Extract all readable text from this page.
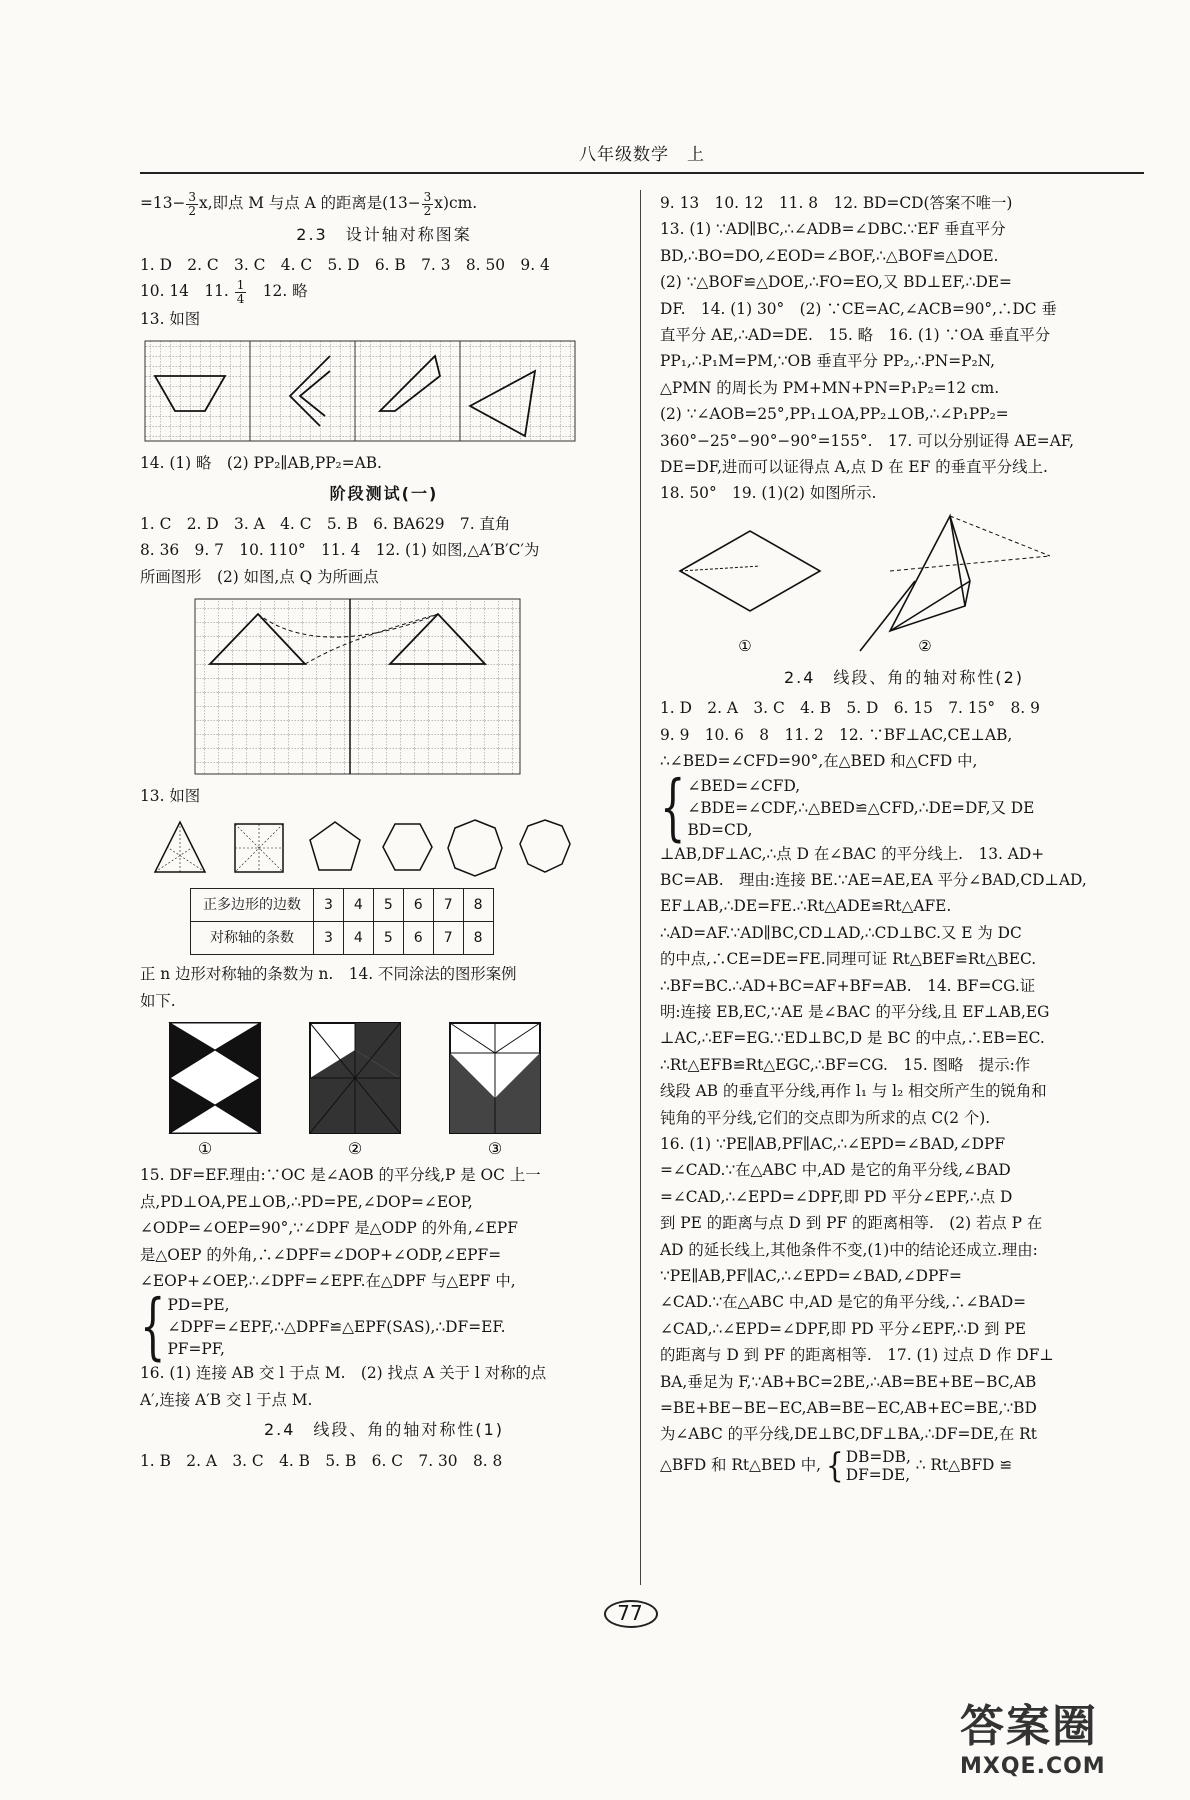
八年级数学　上
$=13- \frac{3}{2} x$,即点 M 与点 A 的距离是$(13- \frac{3}{2} x)cm$.
2.3　设计轴对称图案
1. D　2. C　3. C　4. C　5. D　6. B　7. 3　8. 50　9. 4
10. 14　11. $\frac{1}{4}$ 　12. 略
13. 如图
14. (1) 略　(2) PP₂∥AB,PP₂=AB.
阶段测试(一)
1. C　2. D　3. A　4. C　5. B　6. BA629　7. 直角
8. 36　9. 7　10. 110°　11. 4　12. (1) 如图,△A′B′C′为
所画图形　(2) 如图,点 Q 为所画点
13. 如图
正多边形的边数	3	4	5	6	7	8
对称轴的条数	3	4	5	6	7	8
正 n 边形对称轴的条数为 n.　14. 不同涂法的图形案例
如下.
①	②	③
15. DF=EF.理由:∵OC 是∠AOB 的平分线,P 是 OC 上一
点,PD⊥OA,PE⊥OB,∴PD=PE,∠DOP=∠EOP,
∠ODP=∠OEP=90°,∵∠DPF 是△ODP 的外角,∠EPF
是△OEP 的外角,∴∠DPF=∠DOP+∠ODP,∠EPF=
∠EOP+∠OEP,∴∠DPF=∠EPF.在△DPF 与△EPF 中,
{ PD=PE,
∠DPF=∠EPF,∴△DPF≌△EPF(SAS),∴DF=EF.
PF=PF,
16. (1) 连接 AB 交 l 于点 M.　(2) 找点 A 关于 l 对称的点
A′,连接 A′B 交 l 于点 M.
2.4　线段、角的轴对称性(1)
1. B　2. A　3. C　4. B　5. B　6. C　7. 30　8. 8
9. 13　10. 12　11. 8　12. BD=CD(答案不唯一)
13. (1) ∵AD∥BC,∴∠ADB=∠DBC.∵EF 垂直平分
BD,∴BO=DO,∠EOD=∠BOF,∴△BOF≌△DOE.
(2) ∵△BOF≌△DOE,∴FO=EO,又 BD⊥EF,∴DE=
DF.　14. (1) 30°　(2) ∵CE=AC,∠ACB=90°,∴DC 垂
直平分 AE,∴AD=DE.　15. 略　16. (1) ∵OA 垂直平分
PP₁,∴P₁M=PM,∵OB 垂直平分 PP₂,∴PN=P₂N,
△PMN 的周长为 PM+MN+PN=P₁P₂=12 cm.
(2) ∵∠AOB=25°,PP₁⊥OA,PP₂⊥OB,∴∠P₁PP₂=
360°−25°−90°−90°=155°.　17. 可以分别证得 AE=AF,
DE=DF,进而可以证得点 A,点 D 在 EF 的垂直平分线上.
18. 50°　19. (1)(2) 如图所示.
①	②
2.4　线段、角的轴对称性(2)
1. D　2. A　3. C　4. B　5. D　6. 15　7. 15°　8. 9
9. 9　10. 6　8　11. 2　12. ∵BF⊥AC,CE⊥AB,
∴∠BED=∠CFD=90°,在△BED 和△CFD 中,
{ ∠BED=∠CFD,
∠BDE=∠CDF,∴△BED≌△CFD,∴DE=DF,又 DE
BD=CD,
⊥AB,DF⊥AC,∴点 D 在∠BAC 的平分线上.　13. AD+
BC=AB.　理由:连接 BE.∵AE=AE,EA 平分∠BAD,CD⊥AD,
EF⊥AB,∴DE=FE.∴Rt△ADE≌Rt△AFE.
∴AD=AF.∵AD∥BC,CD⊥AD,∴CD⊥BC.又 E 为 DC
的中点,∴CE=DE=FE.同理可证 Rt△BEF≌Rt△BEC.
∴BF=BC.∴AD+BC=AF+BF=AB.　14. BF=CG.证
明:连接 EB,EC,∵AE 是∠BAC 的平分线,且 EF⊥AB,EG
⊥AC,∴EF=EG.∵ED⊥BC,D 是 BC 的中点,∴EB=EC.
∴Rt△EFB≌Rt△EGC,∴BF=CG.　15. 图略　提示:作
线段 AB 的垂直平分线,再作 l₁ 与 l₂ 相交所产生的锐角和
钝角的平分线,它们的交点即为所求的点 C(2 个).
16. (1) ∵PE∥AB,PF∥AC,∴∠EPD=∠BAD,∠DPF
=∠CAD.∵在△ABC 中,AD 是它的角平分线,∠BAD
=∠CAD,∴∠EPD=∠DPF,即 PD 平分∠EPF,∴点 D
到 PE 的距离与点 D 到 PF 的距离相等.　(2) 若点 P 在
AD 的延长线上,其他条件不变,(1)中的结论还成立.理由:
∵PE∥AB,PF∥AC,∴∠EPD=∠BAD,∠DPF=
∠CAD.∵在△ABC 中,AD 是它的角平分线,∴∠BAD=
∠CAD,∴∠EPD=∠DPF,即 PD 平分∠EPF,∴D 到 PE
的距离与 D 到 PF 的距离相等.　17. (1) 过点 D 作 DF⊥
BA,垂足为 F,∵AB+BC=2BE,∴AB=BE+BE−BC,AB
=BE+BE−BE−EC,AB=BE−EC,AB+EC=BE,∵BD
为∠ABC 的平分线,DE⊥BC,DF⊥BA,∴DF=DE,在 Rt
△BFD 和 Rt△BED 中, { DB=DB,
DF=DE,
∴ Rt△BFD ≌
77
答案圈
MXQE.COM
